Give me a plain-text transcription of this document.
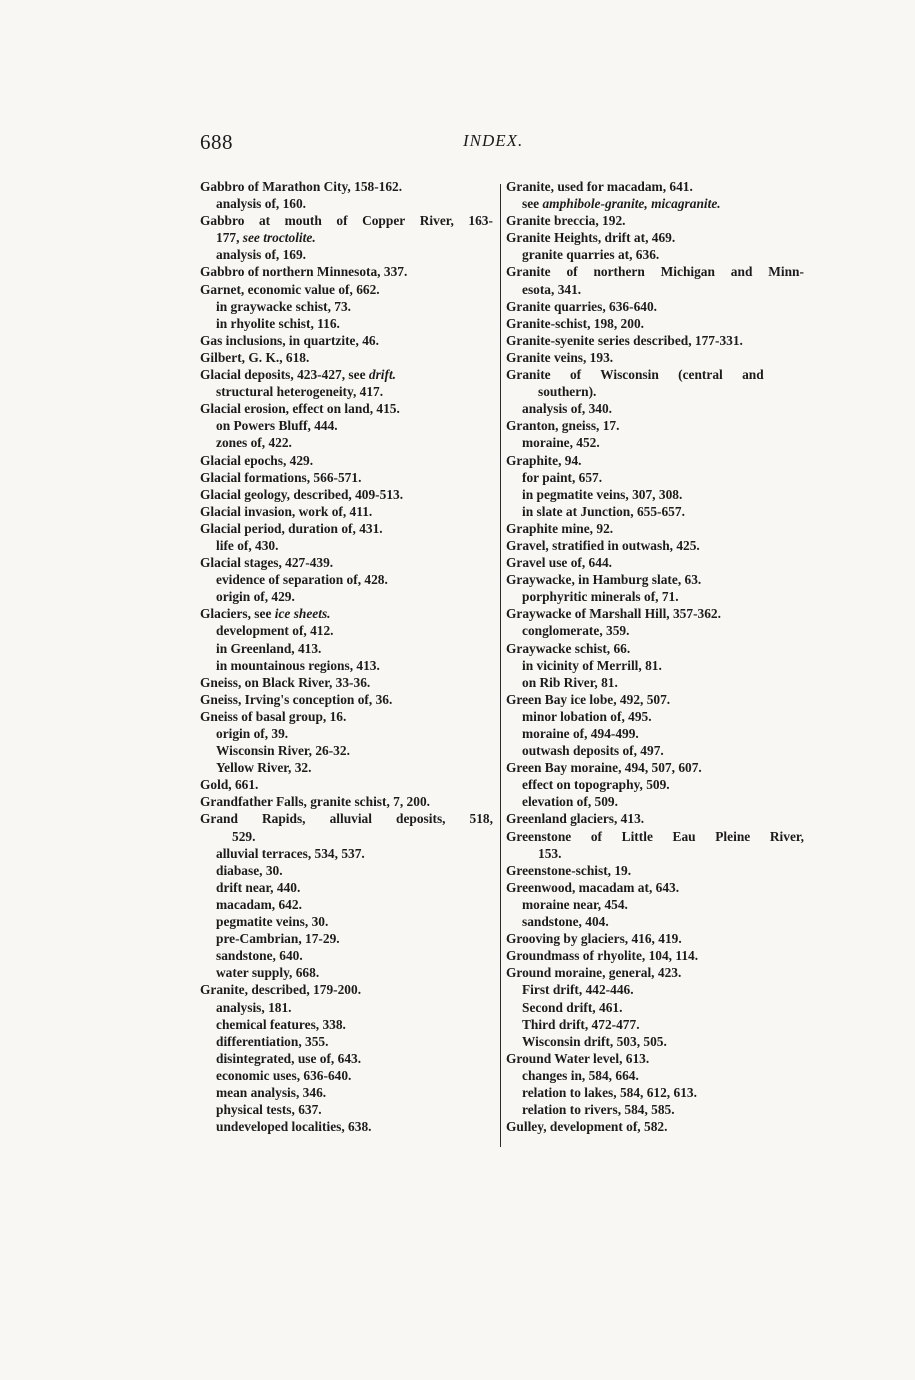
688	INDEX.
Gabbro of Marathon City, 158-162.
analysis of, 160.
Gabbro at mouth of Copper River, 163-
177, see troctolite.
analysis of, 169.
Gabbro of northern Minnesota, 337.
Garnet, economic value of, 662.
in graywacke schist, 73.
in rhyolite schist, 116.
Gas inclusions, in quartzite, 46.
Gilbert, G. K., 618.
Glacial deposits, 423-427, see drift.
structural heterogeneity, 417.
Glacial erosion, effect on land, 415.
on Powers Bluff, 444.
zones of, 422.
Glacial epochs, 429.
Glacial formations, 566-571.
Glacial geology, described, 409-513.
Glacial invasion, work of, 411.
Glacial period, duration of, 431.
life of, 430.
Glacial stages, 427-439.
evidence of separation of, 428.
origin of, 429.
Glaciers, see ice sheets.
development of, 412.
in Greenland, 413.
in mountainous regions, 413.
Gneiss, on Black River, 33-36.
Gneiss, Irving's conception of, 36.
Gneiss of basal group, 16.
origin of, 39.
Wisconsin River, 26-32.
Yellow River, 32.
Gold, 661.
Grandfather Falls, granite schist, 7, 200.
Grand Rapids, alluvial deposits, 518,
529.
alluvial terraces, 534, 537.
diabase, 30.
drift near, 440.
macadam, 642.
pegmatite veins, 30.
pre-Cambrian, 17-29.
sandstone, 640.
water supply, 668.
Granite, described, 179-200.
analysis, 181.
chemical features, 338.
differentiation, 355.
disintegrated, use of, 643.
economic uses, 636-640.
mean analysis, 346.
physical tests, 637.
undeveloped localities, 638.
Granite, used for macadam, 641.
see amphibole-granite, micagranite.
Granite breccia, 192.
Granite Heights, drift at, 469.
granite quarries at, 636.
Granite of northern Michigan and Minn-
esota, 341.
Granite quarries, 636-640.
Granite-schist, 198, 200.
Granite-syenite series described, 177-331.
Granite veins, 193.
Granite of Wisconsin (central and
southern).
analysis of, 340.
Granton, gneiss, 17.
moraine, 452.
Graphite, 94.
for paint, 657.
in pegmatite veins, 307, 308.
in slate at Junction, 655-657.
Graphite mine, 92.
Gravel, stratified in outwash, 425.
Gravel use of, 644.
Graywacke, in Hamburg slate, 63.
porphyritic minerals of, 71.
Graywacke of Marshall Hill, 357-362.
conglomerate, 359.
Graywacke schist, 66.
in vicinity of Merrill, 81.
on Rib River, 81.
Green Bay ice lobe, 492, 507.
minor lobation of, 495.
moraine of, 494-499.
outwash deposits of, 497.
Green Bay moraine, 494, 507, 607.
effect on topography, 509.
elevation of, 509.
Greenland glaciers, 413.
Greenstone of Little Eau Pleine River,
153.
Greenstone-schist, 19.
Greenwood, macadam at, 643.
moraine near, 454.
sandstone, 404.
Grooving by glaciers, 416, 419.
Groundmass of rhyolite, 104, 114.
Ground moraine, general, 423.
First drift, 442-446.
Second drift, 461.
Third drift, 472-477.
Wisconsin drift, 503, 505.
Ground Water level, 613.
changes in, 584, 664.
relation to lakes, 584, 612, 613.
relation to rivers, 584, 585.
Gulley, development of, 582.
